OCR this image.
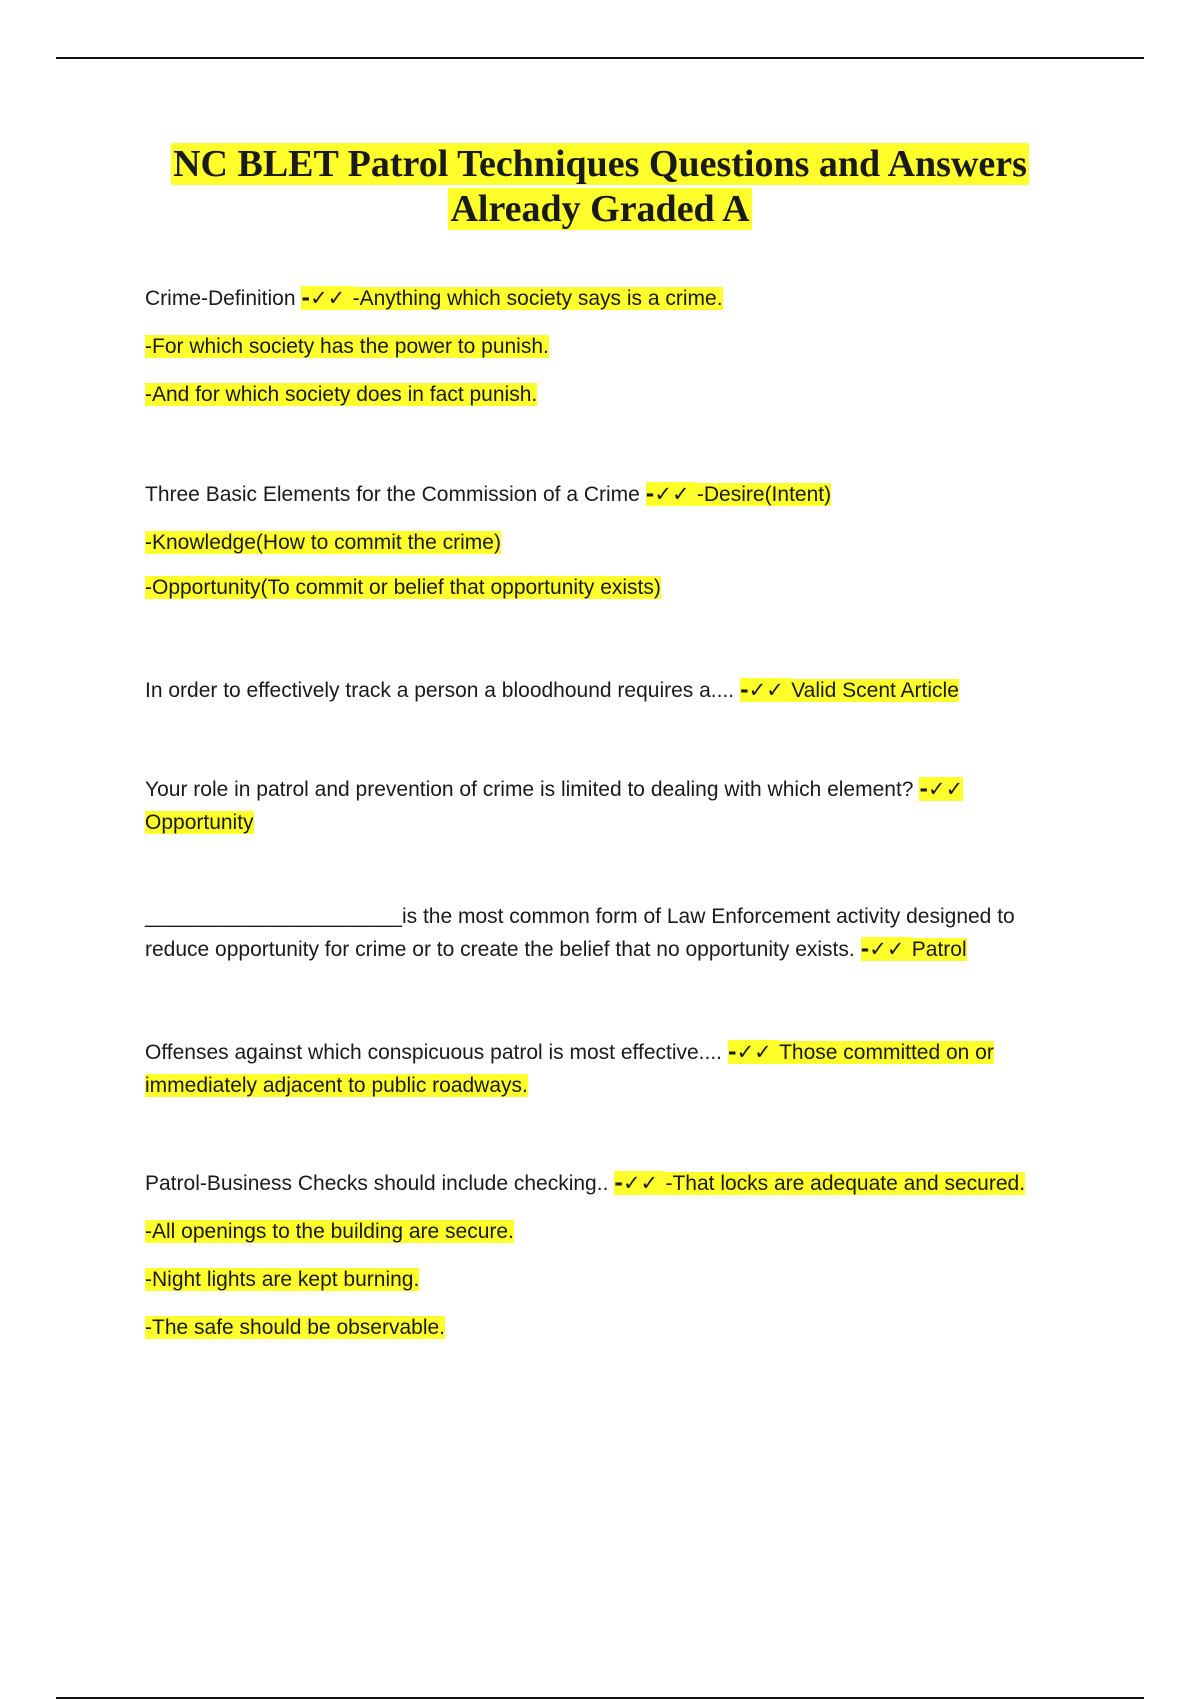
NC BLET Patrol Techniques Questions and Answers
Already Graded A
Crime-Definition -✓✓ -Anything which society says is a crime.
-For which society has the power to punish.
-And for which society does in fact punish.
Three Basic Elements for the Commission of a Crime -✓✓ -Desire(Intent)
-Knowledge(How to commit the crime)
-Opportunity(To commit or belief that opportunity exists)
In order to effectively track a person a bloodhound requires a.... -✓✓ Valid Scent Article
Your role in patrol and prevention of crime is limited to dealing with which element? -✓✓ Opportunity
______________________is the most common form of Law Enforcement activity designed to reduce opportunity for crime or to create the belief that no opportunity exists. -✓✓ Patrol
Offenses against which conspicuous patrol is most effective.... -✓✓ Those committed on or immediately adjacent to public roadways.
Patrol-Business Checks should include checking.. -✓✓ -That locks are adequate and secured.
-All openings to the building are secure.
-Night lights are kept burning.
-The safe should be observable.
